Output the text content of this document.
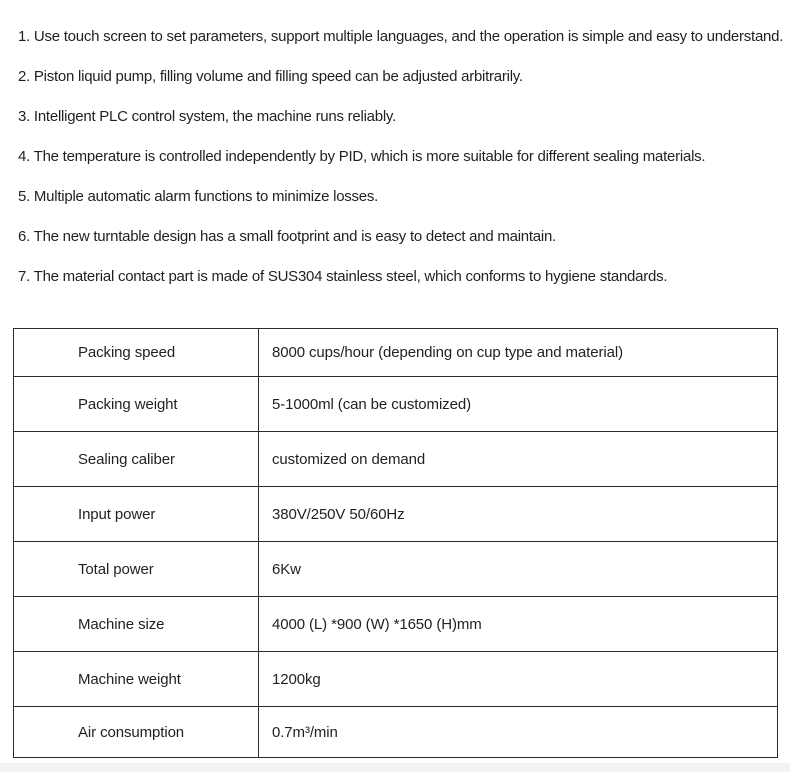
1. Use touch screen to set parameters, support multiple languages, and the operation is simple and easy to understand.

2. Piston liquid pump, filling volume and filling speed can be adjusted arbitrarily.

3. Intelligent PLC control system, the machine runs reliably.

4. The temperature is controlled independently by PID, which is more suitable for different sealing materials.

5. Multiple automatic alarm functions to minimize losses.

6. The new turntable design has a small footprint and is easy to detect and maintain.

7. The material contact part is made of SUS304 stainless steel, which conforms to hygiene standards.

Packing speed	8000 cups/hour (depending on cup type and material)
Packing weight	5-1000ml (can be customized)
Sealing caliber	customized on demand
Input power	380V/250V 50/60Hz
Total power	6Kw
Machine size	4000 (L) *900 (W) *1650 (H)mm
Machine weight	1200kg
Air consumption	0.7m³/min
